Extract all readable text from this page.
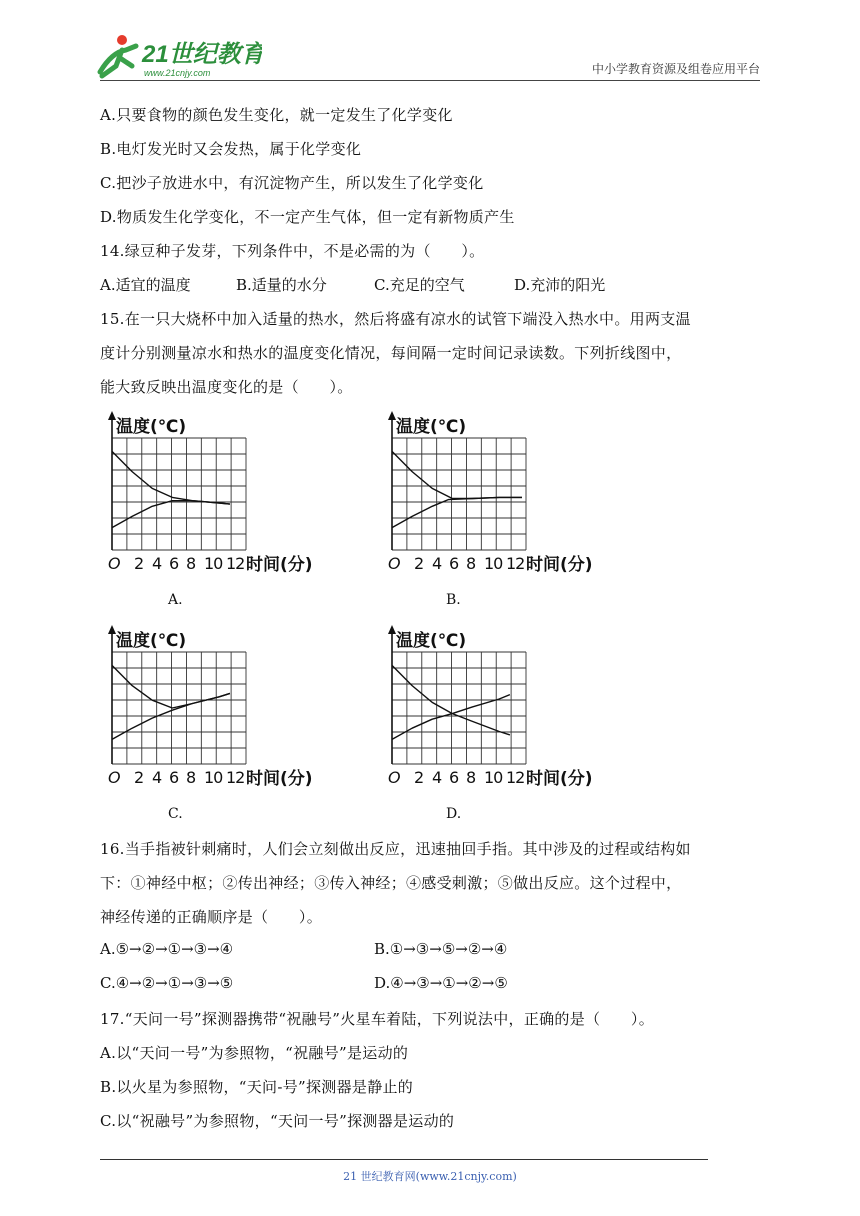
21世纪教育
www.21cnjy.com	中小学教育资源及组卷应用平台
A.只要食物的颜色发生变化，就一定发生了化学变化
B.电灯发光时又会发热，属于化学变化
C.把沙子放进水中，有沉淀物产生，所以发生了化学变化
D.物质发生化学变化，不一定产生气体，但一定有新物质产生
14.绿豆种子发芽，下列条件中，不是必需的为（　　）。
A.适宜的温度	B.适量的水分	C.充足的空气	D.充沛的阳光
15.在一只大烧杯中加入适量的热水，然后将盛有凉水的试管下端没入热水中。用两支温
度计分别测量凉水和热水的温度变化情况，每间隔一定时间记录读数。下列折线图中，
能大致反映出温度变化的是（　　）。
温度(℃)
O 2 4 6 8 10 12 时间(分)
温度(℃)
O 2 4 6 8 10 12 时间(分)
温度(℃)
O 2 4 6 8 10 12 时间(分)
温度(℃)
O 2 4 6 8 10 12 时间(分)
A.	B.
C.	D.
16.当手指被针刺痛时，人们会立刻做出反应，迅速抽回手指。其中涉及的过程或结构如
下：①神经中枢；②传出神经；③传入神经；④感受刺激；⑤做出反应。这个过程中，
神经传递的正确顺序是（　　）。
A.⑤→②→①→③→④	B.①→③→⑤→②→④
C.④→②→①→③→⑤	D.④→③→①→②→⑤
17.“天问一号”探测器携带“祝融号”火星车着陆，下列说法中，正确的是（　　）。
A.以“天问一号”为参照物，“祝融号”是运动的
B.以火星为参照物，“天问-号”探测器是静止的
C.以“祝融号”为参照物，“天问一号”探测器是运动的
21 世纪教育网(www.21cnjy.com)
